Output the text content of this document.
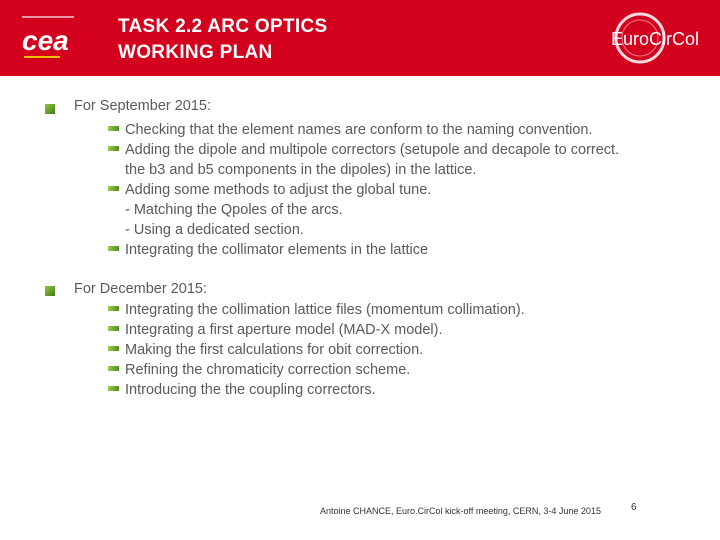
cea	TASK 2.2 ARC OPTICS
WORKING PLAN
EuroCirCol
For September 2015:
Checking that the element names are conform to the naming convention.
Adding the dipole and multipole correctors (setupole and decapole to correct.
the b3 and b5 components in the dipoles) in the lattice.
Adding some methods to adjust the global tune.
- Matching the Qpoles of the arcs.
- Using a dedicated section.
Integrating the collimator elements in the lattice
For December 2015:
Integrating the collimation lattice files (momentum collimation).
Integrating a first aperture model (MAD-X model).
Making the first calculations for obit correction.
Refining the chromaticity correction scheme.
Introducing the the coupling correctors.
Antoine CHANCE, Euro.CirCol kick-off meeting, CERN, 3-4 June 2015	6
